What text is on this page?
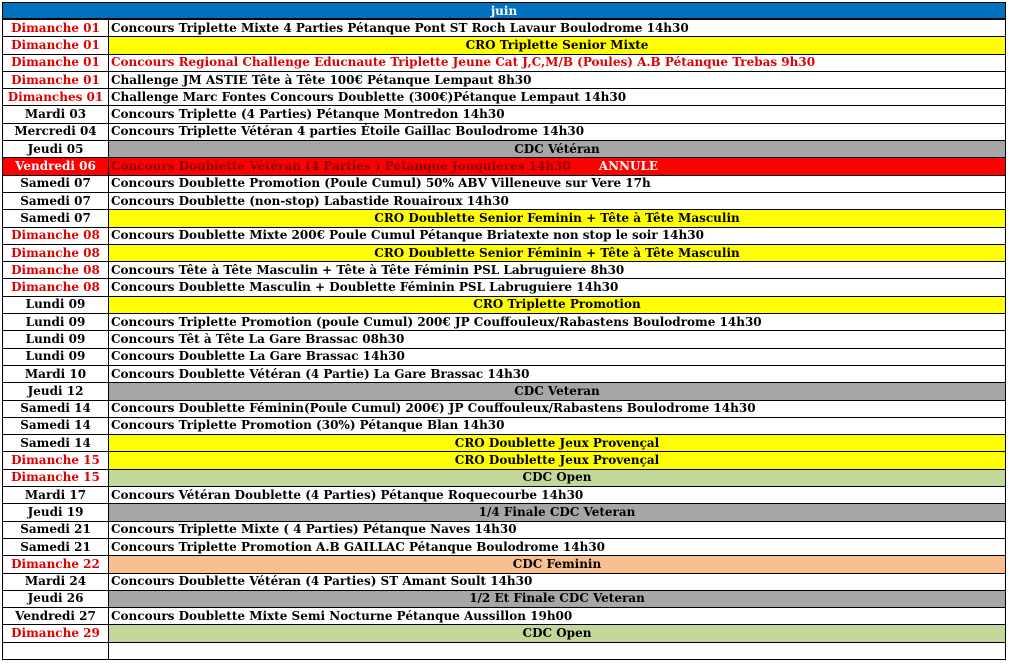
juin
Dimanche 01	Concours Triplette Mixte 4 Parties Pétanque Pont ST Roch Lavaur Boulodrome 14h30
Dimanche 01	CRO Triplette Senior Mixte
Dimanche 01	Concours Regional Challenge Educnaute Triplette Jeune Cat J,C,M/B (Poules) A.B Pétanque Trebas 9h30
Dimanche 01	Challenge JM ASTIE Tête à Tête 100€ Pétanque Lempaut 8h30
Dimanches 01	Challenge Marc Fontes Concours Doublette (300€)Pétanque Lempaut 14h30
Mardi 03	Concours Triplette (4 Parties) Pétanque Montredon 14h30
Mercredi 04	Concours Triplette Vétéran 4 parties Étoile Gaillac Boulodrome 14h30
Jeudi 05	CDC Vétéran
Vendredi 06	Concours Doublette Vétéran (4 Parties ) Petanque Jonquieres 14h30 ANNULE
Samedi 07	Concours Doublette Promotion (Poule Cumul) 50% ABV Villeneuve sur Vere 17h
Samedi 07	Concours Doublette (non-stop) Labastide Rouairoux 14h30
Samedi 07	CRO Doublette Senior Feminin + Tête à Tête Masculin
Dimanche 08	Concours Doublette Mixte 200€ Poule Cumul Pétanque Briatexte non stop le soir 14h30
Dimanche 08	CRO Doublette Senior Féminin + Tête à Tête Masculin
Dimanche 08	Concours Tête à Tête Masculin + Tête à Tête Féminin PSL Labruguiere 8h30
Dimanche 08	Concours Doublette Masculin + Doublette Féminin PSL Labruguiere 14h30
Lundi 09	CRO Triplette Promotion
Lundi 09	Concours Triplette Promotion (poule Cumul) 200€ JP Couffouleux/Rabastens Boulodrome 14h30
Lundi 09	Concours Têt à Tête La Gare Brassac 08h30
Lundi 09	Concours Doublette La Gare Brassac 14h30
Mardi 10	Concours Doublette Vétéran (4 Partie) La Gare Brassac 14h30
Jeudi 12	CDC Veteran
Samedi 14	Concours Doublette Féminin(Poule Cumul) 200€) JP Couffouleux/Rabastens Boulodrome 14h30
Samedi 14	Concours Triplette Promotion (30%) Pétanque Blan 14h30
Samedi 14	CRO Doublette Jeux Provençal
Dimanche 15	CRO Doublette Jeux Provençal
Dimanche 15	CDC Open
Mardi 17	Concours Vétéran Doublette (4 Parties) Pétanque Roquecourbe 14h30
Jeudi 19	1/4 Finale CDC Veteran
Samedi 21	Concours Triplette Mixte ( 4 Parties) Pétanque Naves 14h30
Samedi 21	Concours Triplette Promotion A.B GAILLAC Pétanque Boulodrome 14h30
Dimanche 22	CDC Feminin
Mardi 24	Concours Doublette Vétéran (4 Parties) ST Amant Soult 14h30
Jeudi 26	1/2 Et Finale CDC Veteran
Vendredi 27	Concours Doublette Mixte Semi Nocturne Pétanque Aussillon 19h00
Dimanche 29	CDC Open
